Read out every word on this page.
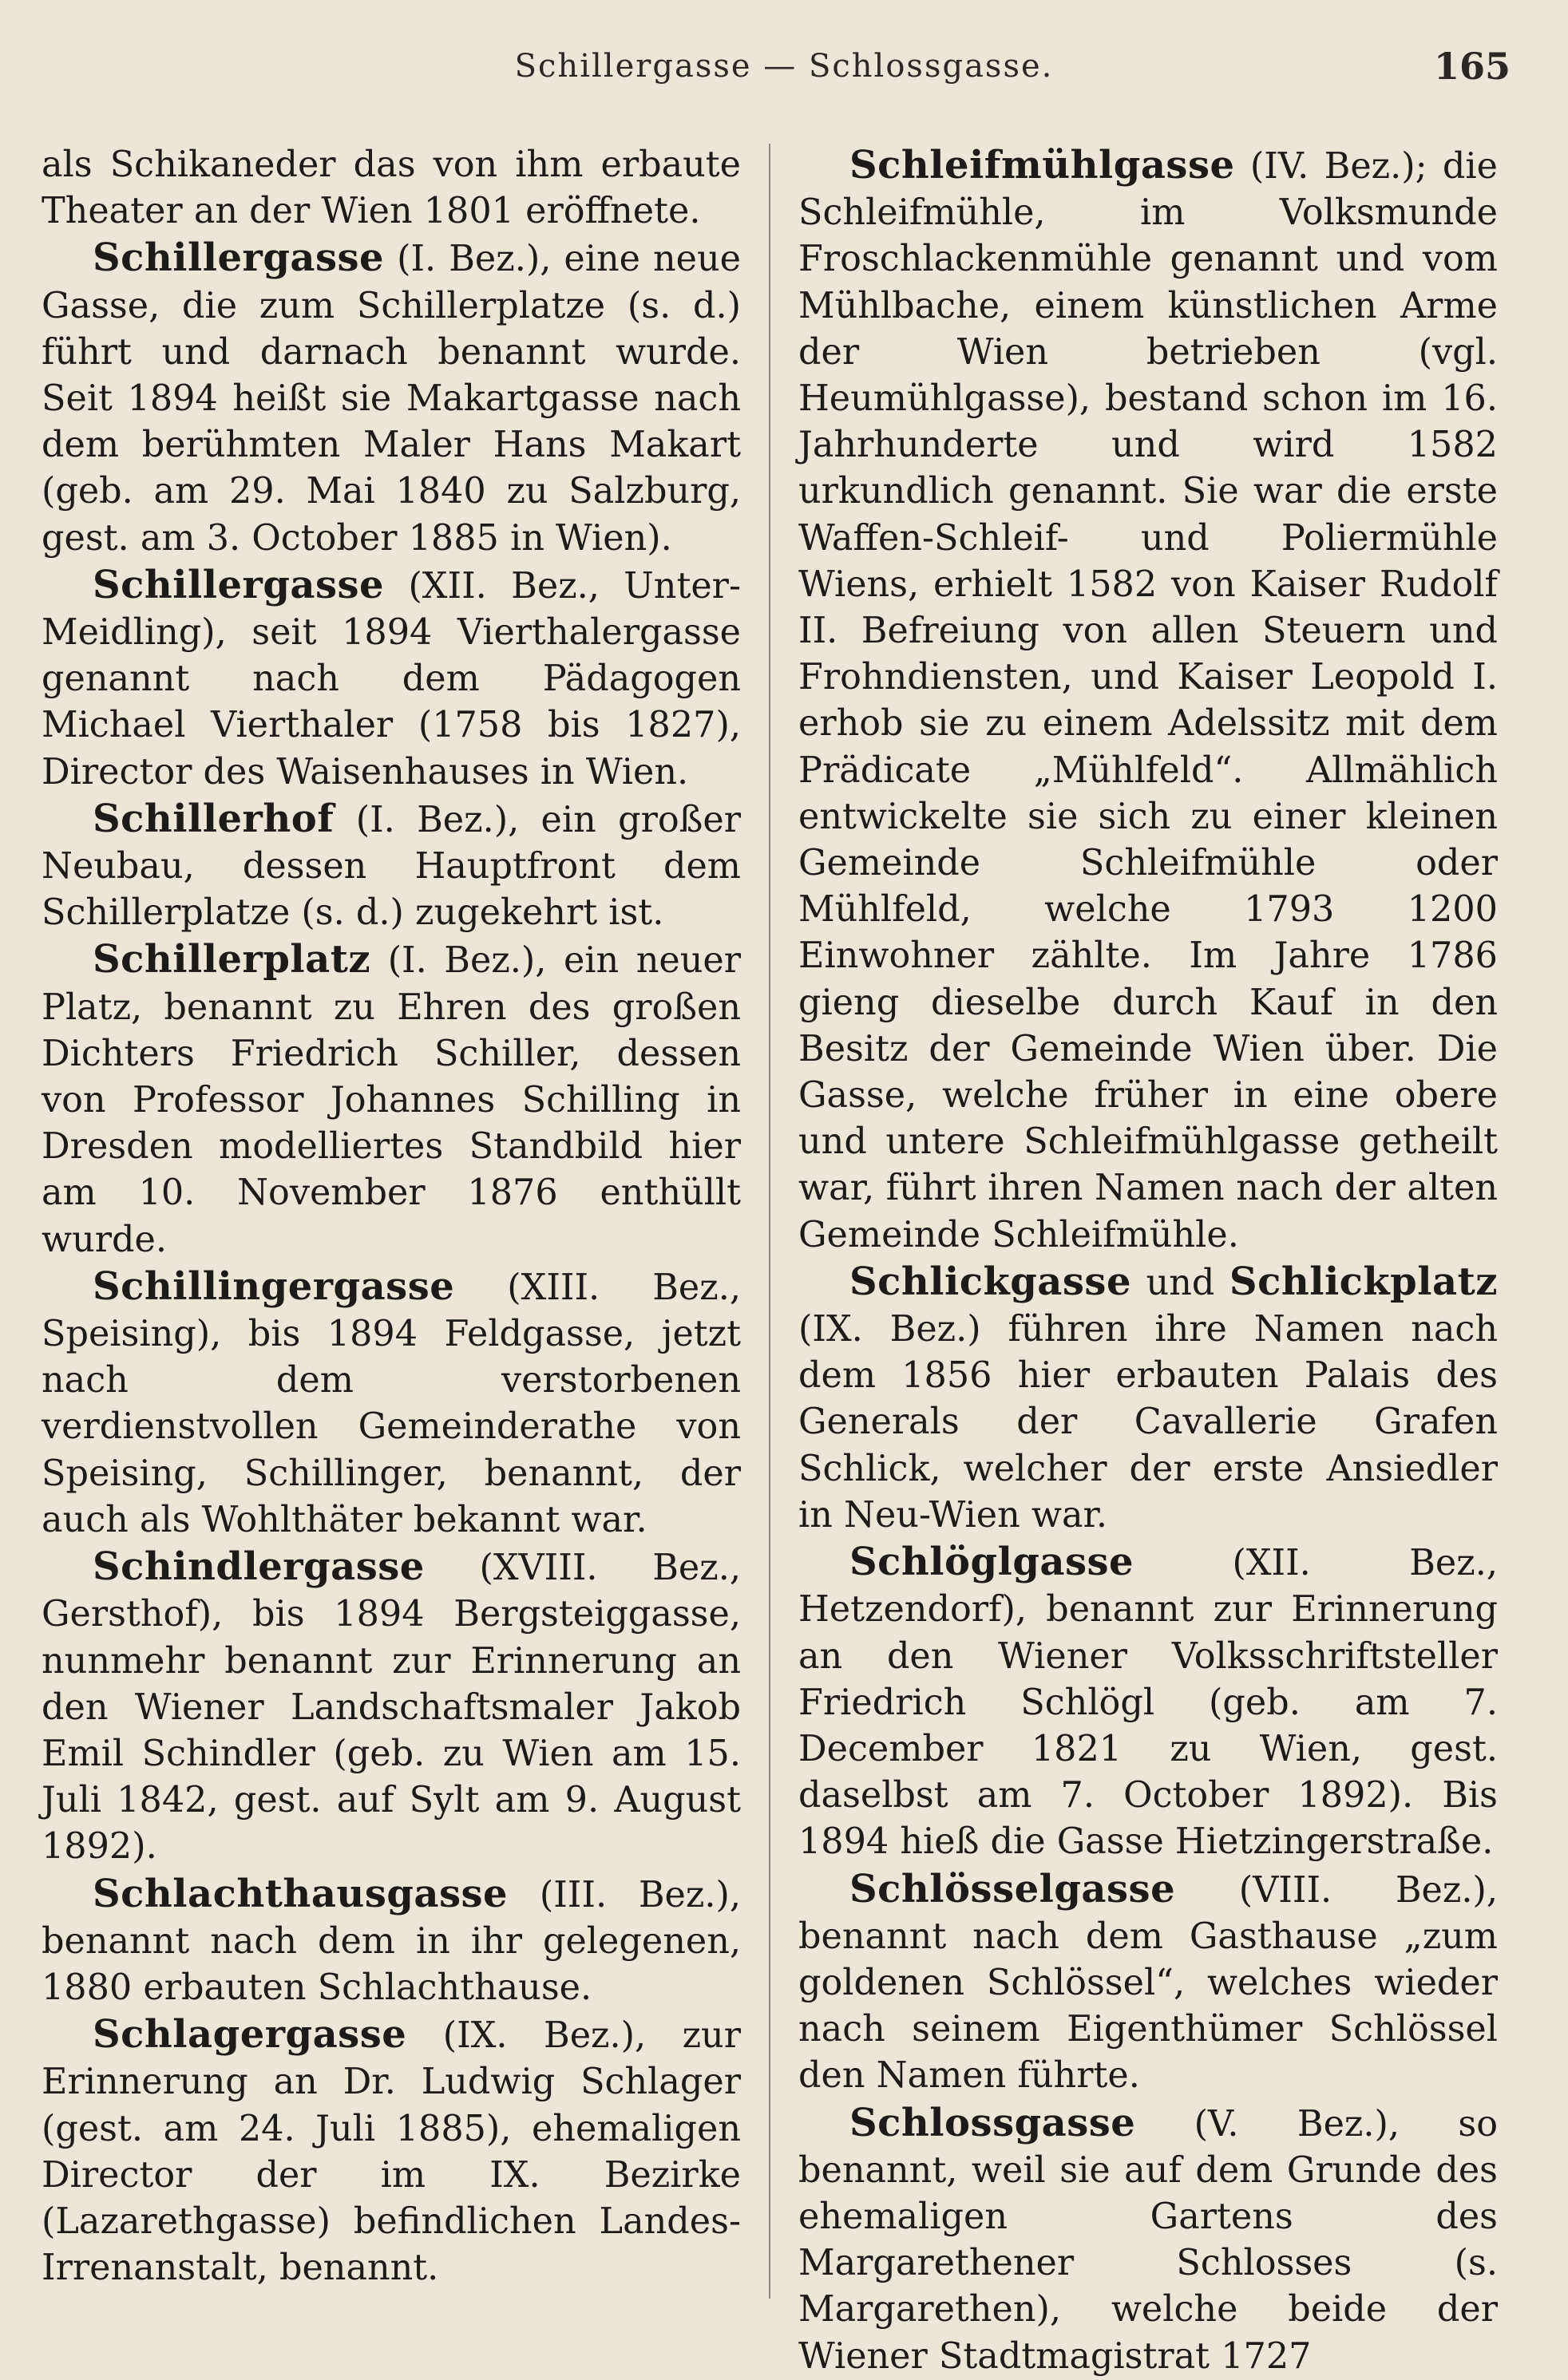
Schillergasse — Schlossgasse.	165

als Schikaneder das von ihm erbaute Theater an der Wien 1801 eröffnete.

Schillergasse (I. Bez.), eine neue Gasse, die zum Schillerplatze (s. d.) führt und darnach benannt wurde. Seit 1894 heißt sie Makartgasse nach dem berühmten Maler Hans Makart (geb. am 29. Mai 1840 zu Salzburg, gest. am 3. October 1885 in Wien).

Schillergasse (XII. Bez., Unter-Meidling), seit 1894 Vierthalergasse genannt nach dem Pädagogen Michael Vierthaler (1758 bis 1827), Director des Waisenhauses in Wien.

Schillerhof (I. Bez.), ein großer Neubau, dessen Hauptfront dem Schillerplatze (s. d.) zugekehrt ist.

Schillerplatz (I. Bez.), ein neuer Platz, benannt zu Ehren des großen Dichters Friedrich Schiller, dessen von Professor Johannes Schilling in Dresden modelliertes Standbild hier am 10. November 1876 enthüllt wurde.

Schillingergasse (XIII. Bez., Speising), bis 1894 Feldgasse, jetzt nach dem verstorbenen verdienstvollen Gemeinderathe von Speising, Schillinger, benannt, der auch als Wohlthäter bekannt war.

Schindlergasse (XVIII. Bez., Gersthof), bis 1894 Bergsteiggasse, nunmehr benannt zur Erinnerung an den Wiener Landschaftsmaler Jakob Emil Schindler (geb. zu Wien am 15. Juli 1842, gest. auf Sylt am 9. August 1892).

Schlachthausgasse (III. Bez.), benannt nach dem in ihr gelegenen, 1880 erbauten Schlachthause.

Schlagergasse (IX. Bez.), zur Erinnerung an Dr. Ludwig Schlager (gest. am 24. Juli 1885), ehemaligen Director der im IX. Bezirke (Lazarethgasse) befindlichen Landes-Irrenanstalt, benannt.

Schleifmühlgasse (IV. Bez.); die Schleifmühle, im Volksmunde Froschlackenmühle genannt und vom Mühlbache, einem künstlichen Arme der Wien betrieben (vgl. Heumühlgasse), bestand schon im 16. Jahrhunderte und wird 1582 urkundlich genannt. Sie war die erste Waffen-Schleif- und Poliermühle Wiens, erhielt 1582 von Kaiser Rudolf II. Befreiung von allen Steuern und Frohndiensten, und Kaiser Leopold I. erhob sie zu einem Adelssitz mit dem Prädicate „Mühlfeld“. Allmählich entwickelte sie sich zu einer kleinen Gemeinde Schleifmühle oder Mühlfeld, welche 1793 1200 Einwohner zählte. Im Jahre 1786 gieng dieselbe durch Kauf in den Besitz der Gemeinde Wien über. Die Gasse, welche früher in eine obere und untere Schleifmühlgasse getheilt war, führt ihren Namen nach der alten Gemeinde Schleifmühle.

Schlickgasse und Schlickplatz (IX. Bez.) führen ihre Namen nach dem 1856 hier erbauten Palais des Generals der Cavallerie Grafen Schlick, welcher der erste Ansiedler in Neu-Wien war.

Schlöglgasse (XII. Bez., Hetzendorf), benannt zur Erinnerung an den Wiener Volksschriftsteller Friedrich Schlögl (geb. am 7. December 1821 zu Wien, gest. daselbst am 7. October 1892). Bis 1894 hieß die Gasse Hietzingerstraße.

Schlösselgasse (VIII. Bez.), benannt nach dem Gasthause „zum goldenen Schlössel“, welches wieder nach seinem Eigenthümer Schlössel den Namen führte.

Schlossgasse (V. Bez.), so benannt, weil sie auf dem Grunde des ehemaligen Gartens des Margarethener Schlosses (s. Margarethen), welche beide der Wiener Stadtmagistrat 1727
